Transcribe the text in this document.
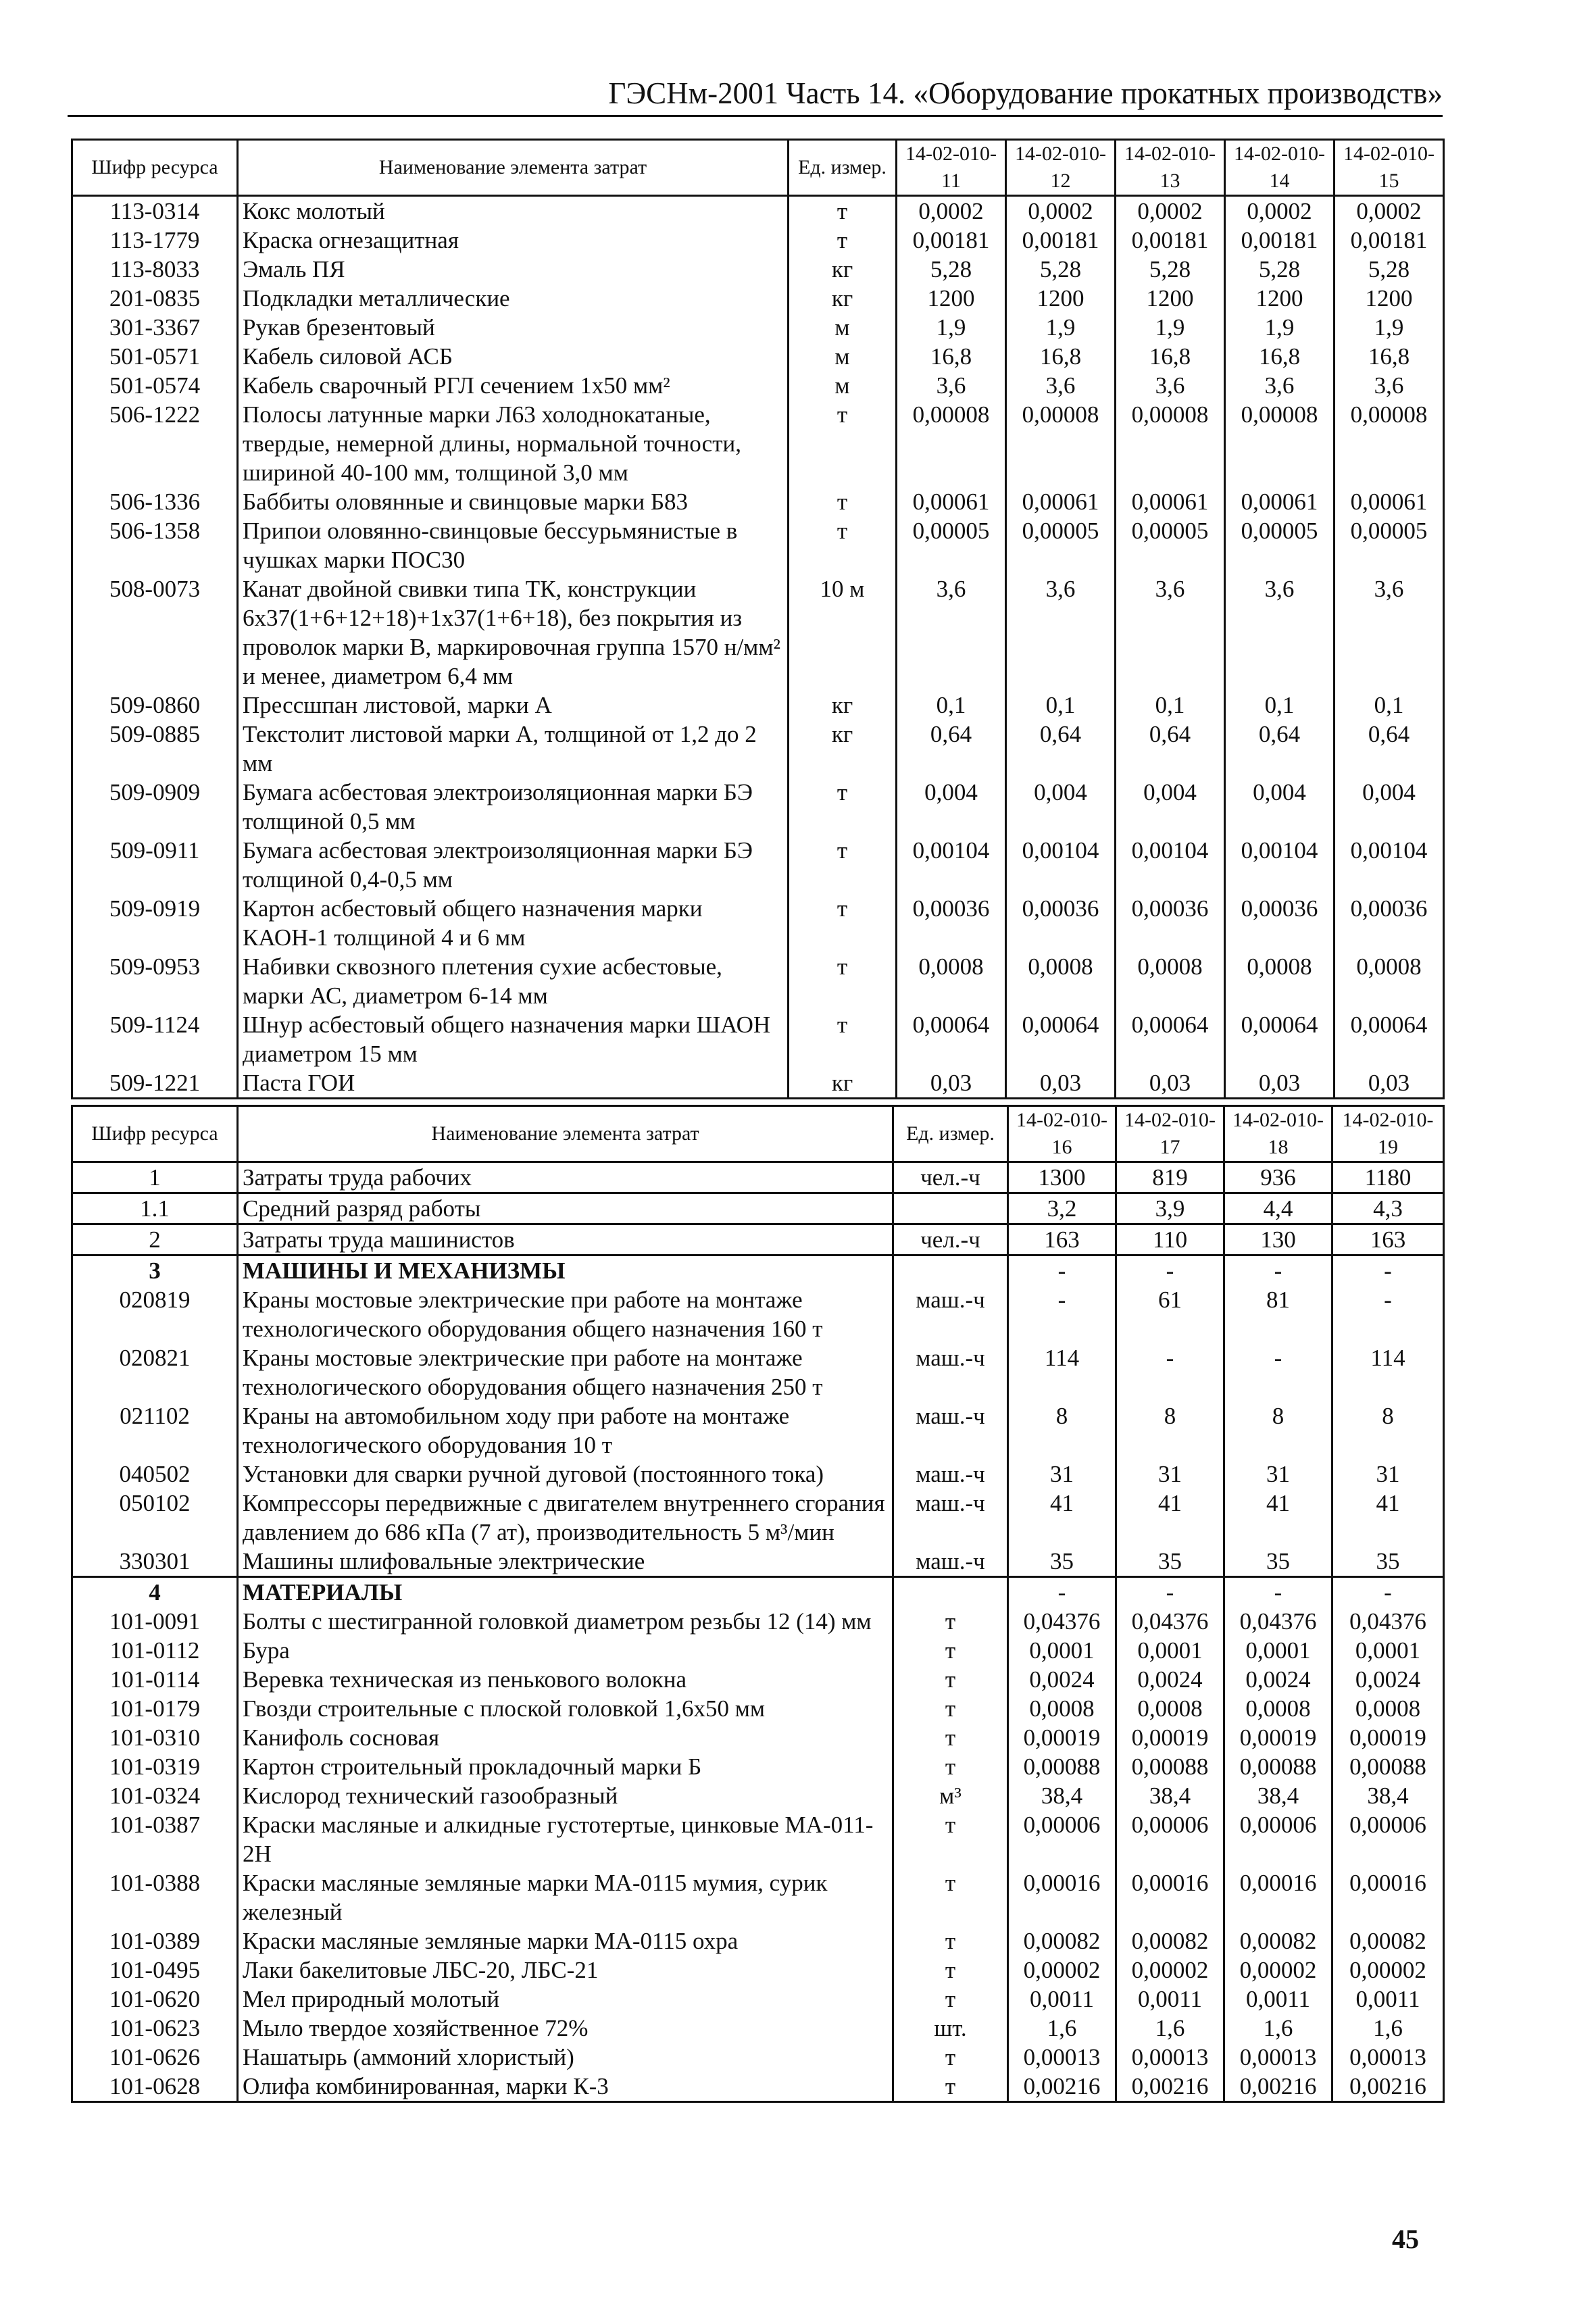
ГЭСНм-2001 Часть 14. «Оборудование прокатных производств»
Шифр ресурса	Наименование элемента затрат	Ед. измер.	14-02-010-11	14-02-010-12	14-02-010-13	14-02-010-14	14-02-010-15
113-0314	Кокс молотый	т	0,0002	0,0002	0,0002	0,0002	0,0002
113-1779	Краска огнезащитная	т	0,00181	0,00181	0,00181	0,00181	0,00181
113-8033	Эмаль ПЯ	кг	5,28	5,28	5,28	5,28	5,28
201-0835	Подкладки металлические	кг	1200	1200	1200	1200	1200
301-3367	Рукав брезентовый	м	1,9	1,9	1,9	1,9	1,9
501-0571	Кабель силовой АСБ	м	16,8	16,8	16,8	16,8	16,8
501-0574	Кабель сварочный РГЛ сечением 1х50 мм²	м	3,6	3,6	3,6	3,6	3,6
506-1222	Полосы латунные марки Л63 холоднокатаные, твердые, немерной длины, нормальной точности, шириной 40-100 мм, толщиной 3,0 мм	т	0,00008	0,00008	0,00008	0,00008	0,00008
506-1336	Баббиты оловянные и свинцовые марки Б83	т	0,00061	0,00061	0,00061	0,00061	0,00061
506-1358	Припои оловянно-свинцовые бессурьмянистые в чушках марки ПОС30	т	0,00005	0,00005	0,00005	0,00005	0,00005
508-0073	Канат двойной свивки типа ТК, конструкции 6х37(1+6+12+18)+1х37(1+6+18), без покрытия из проволок марки В, маркировочная группа 1570 н/мм² и менее, диаметром 6,4 мм	10 м	3,6	3,6	3,6	3,6	3,6
509-0860	Прессшпан листовой, марки А	кг	0,1	0,1	0,1	0,1	0,1
509-0885	Текстолит листовой марки А, толщиной от 1,2 до 2 мм	кг	0,64	0,64	0,64	0,64	0,64
509-0909	Бумага асбестовая электроизоляционная марки БЭ толщиной 0,5 мм	т	0,004	0,004	0,004	0,004	0,004
509-0911	Бумага асбестовая электроизоляционная марки БЭ толщиной 0,4-0,5 мм	т	0,00104	0,00104	0,00104	0,00104	0,00104
509-0919	Картон асбестовый общего назначения марки КАОН-1 толщиной 4 и 6 мм	т	0,00036	0,00036	0,00036	0,00036	0,00036
509-0953	Набивки сквозного плетения сухие асбестовые, марки АС, диаметром 6-14 мм	т	0,0008	0,0008	0,0008	0,0008	0,0008
509-1124	Шнур асбестовый общего назначения марки ШАОН диаметром 15 мм	т	0,00064	0,00064	0,00064	0,00064	0,00064
509-1221	Паста ГОИ	кг	0,03	0,03	0,03	0,03	0,03
Шифр ресурса	Наименование элемента затрат	Ед. измер.	14-02-010-16	14-02-010-17	14-02-010-18	14-02-010-19
1	Затраты труда рабочих	чел.-ч	1300	819	936	1180
1.1	Средний разряд работы		3,2	3,9	4,4	4,3
2	Затраты труда машинистов	чел.-ч	163	110	130	163
3	МАШИНЫ И МЕХАНИЗМЫ		-	-	-	-
020819	Краны мостовые электрические при работе на монтаже технологического оборудования общего назначения 160 т	маш.-ч	-	61	81	-
020821	Краны мостовые электрические при работе на монтаже технологического оборудования общего назначения 250 т	маш.-ч	114	-	-	114
021102	Краны на автомобильном ходу при работе на монтаже технологического оборудования 10 т	маш.-ч	8	8	8	8
040502	Установки для сварки ручной дуговой (постоянного тока)	маш.-ч	31	31	31	31
050102	Компрессоры передвижные с двигателем внутреннего сгорания давлением до 686 кПа (7 ат), производительность 5 м³/мин	маш.-ч	41	41	41	41
330301	Машины шлифовальные электрические	маш.-ч	35	35	35	35
4	МАТЕРИАЛЫ		-	-	-	-
101-0091	Болты с шестигранной головкой диаметром резьбы 12 (14) мм	т	0,04376	0,04376	0,04376	0,04376
101-0112	Бура	т	0,0001	0,0001	0,0001	0,0001
101-0114	Веревка техническая из пенькового волокна	т	0,0024	0,0024	0,0024	0,0024
101-0179	Гвозди строительные с плоской головкой 1,6х50 мм	т	0,0008	0,0008	0,0008	0,0008
101-0310	Канифоль сосновая	т	0,00019	0,00019	0,00019	0,00019
101-0319	Картон строительный прокладочный марки Б	т	0,00088	0,00088	0,00088	0,00088
101-0324	Кислород технический газообразный	м³	38,4	38,4	38,4	38,4
101-0387	Краски масляные и алкидные густотертые, цинковые МА-011-2Н	т	0,00006	0,00006	0,00006	0,00006
101-0388	Краски масляные земляные марки МА-0115 мумия, сурик железный	т	0,00016	0,00016	0,00016	0,00016
101-0389	Краски масляные земляные марки МА-0115 охра	т	0,00082	0,00082	0,00082	0,00082
101-0495	Лаки бакелитовые ЛБС-20, ЛБС-21	т	0,00002	0,00002	0,00002	0,00002
101-0620	Мел природный молотый	т	0,0011	0,0011	0,0011	0,0011
101-0623	Мыло твердое хозяйственное 72%	шт.	1,6	1,6	1,6	1,6
101-0626	Нашатырь (аммоний хлористый)	т	0,00013	0,00013	0,00013	0,00013
101-0628	Олифа комбинированная, марки К-3	т	0,00216	0,00216	0,00216	0,00216
45
